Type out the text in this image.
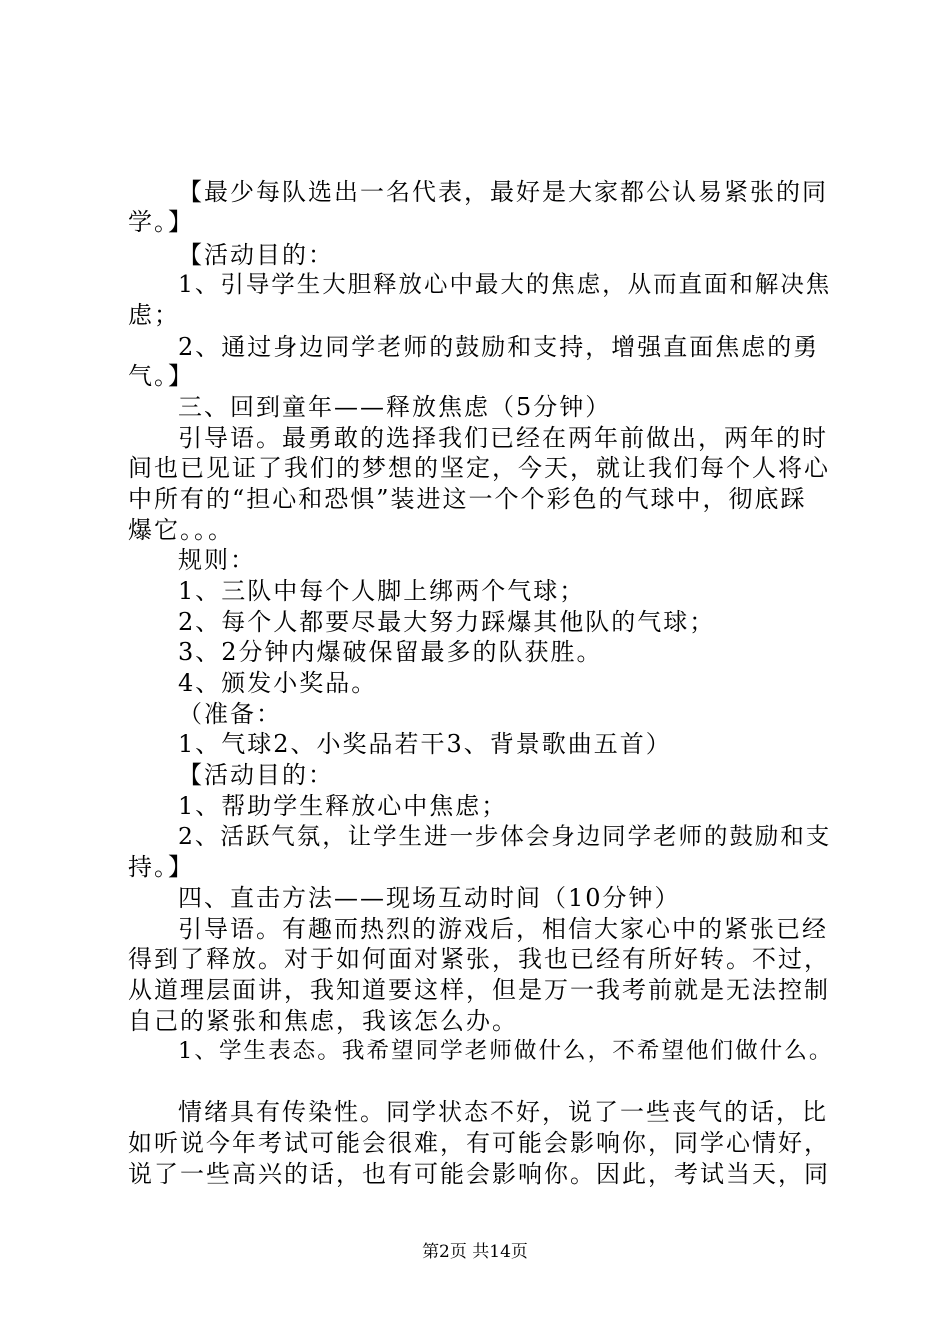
【最少每队选出一名代表，最好是大家都公认易紧张的同
学。】
【活动目的：
1、引导学生大胆释放心中最大的焦虑，从而直面和解决焦
虑；
2、通过身边同学老师的鼓励和支持，增强直面焦虑的勇
气。】
三、回到童年——释放焦虑（5分钟）
引导语。最勇敢的选择我们已经在两年前做出，两年的时
间也已见证了我们的梦想的坚定，今天，就让我们每个人将心
中所有的“担心和恐惧”装进这一个个彩色的气球中，彻底踩
爆它。。。
规则：
1、三队中每个人脚上绑两个气球；
2、每个人都要尽最大努力踩爆其他队的气球；
3、2分钟内爆破保留最多的队获胜。
4、颁发小奖品。
（准备：
1、气球2、小奖品若干3、背景歌曲五首）
【活动目的：
1、帮助学生释放心中焦虑；
2、活跃气氛，让学生进一步体会身边同学老师的鼓励和支
持。】
四、直击方法——现场互动时间（10分钟）
引导语。有趣而热烈的游戏后，相信大家心中的紧张已经
得到了释放。对于如何面对紧张，我也已经有所好转。不过，
从道理层面讲，我知道要这样，但是万一我考前就是无法控制
自己的紧张和焦虑，我该怎么办。
1、学生表态。我希望同学老师做什么，不希望他们做什么。
情绪具有传染性。同学状态不好，说了一些丧气的话，比
如听说今年考试可能会很难，有可能会影响你，同学心情好，
说了一些高兴的话，也有可能会影响你。因此，考试当天，同
第2页 共14页
